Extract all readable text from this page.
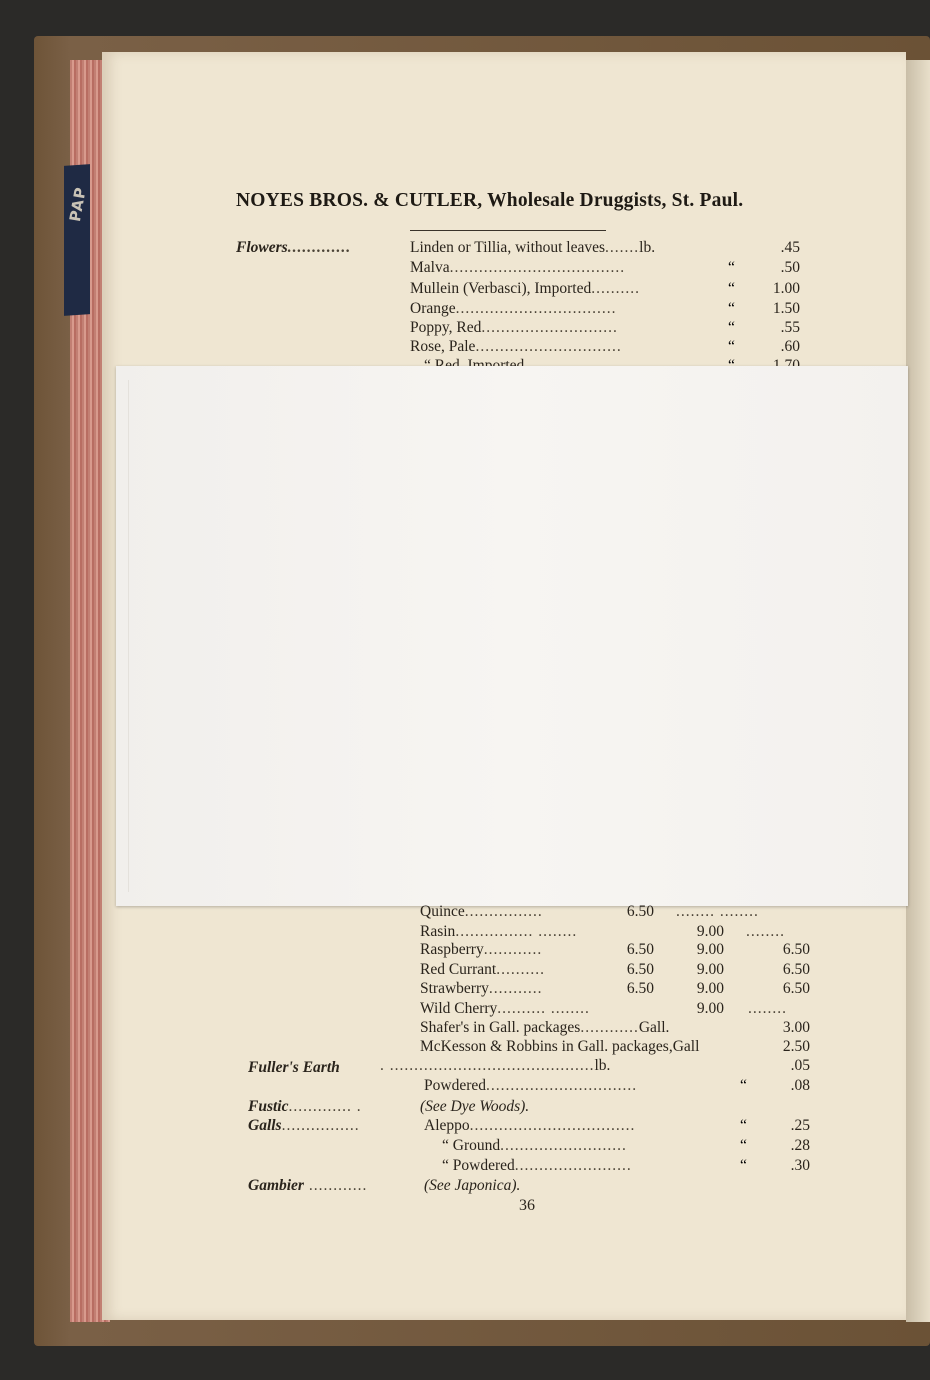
PAP	NOYES BROS. & CUTLER, Wholesale Druggists, St. Paul.
Flowers.............	Linden or Tillia, without leaves.......lb.	.45
Malva....................................	“	.50
Mullein (Verbasci), Imported..........	“	1.00
Orange.................................	“	1.50
Poppy, Red............................	“	.55
Rose, Pale..............................	“	.60
Quince................	6.50 ........ ........
Rasin................ ........	9.00 ........
Raspberry............	6.50	9.00	6.50
Red Currant..........	6.50	9.00	6.50
Strawberry...........	6.50	9.00	6.50
Wild Cherry.......... ........	9.00 ........
Shafer's in Gall. packages............Gall.	3.00
McKesson & Robbins in Gall. packages,Gall	2.50
Fuller's Earth	. ..........................................lb.	.05
Powdered...............................	“	.08
Fustic............. .	(See Dye Woods).
Galls................	Aleppo..................................	“	.25
“ Ground..........................	“	.28
“ Powdered........................	“	.30
Gambier ............	(See Japonica).
36
